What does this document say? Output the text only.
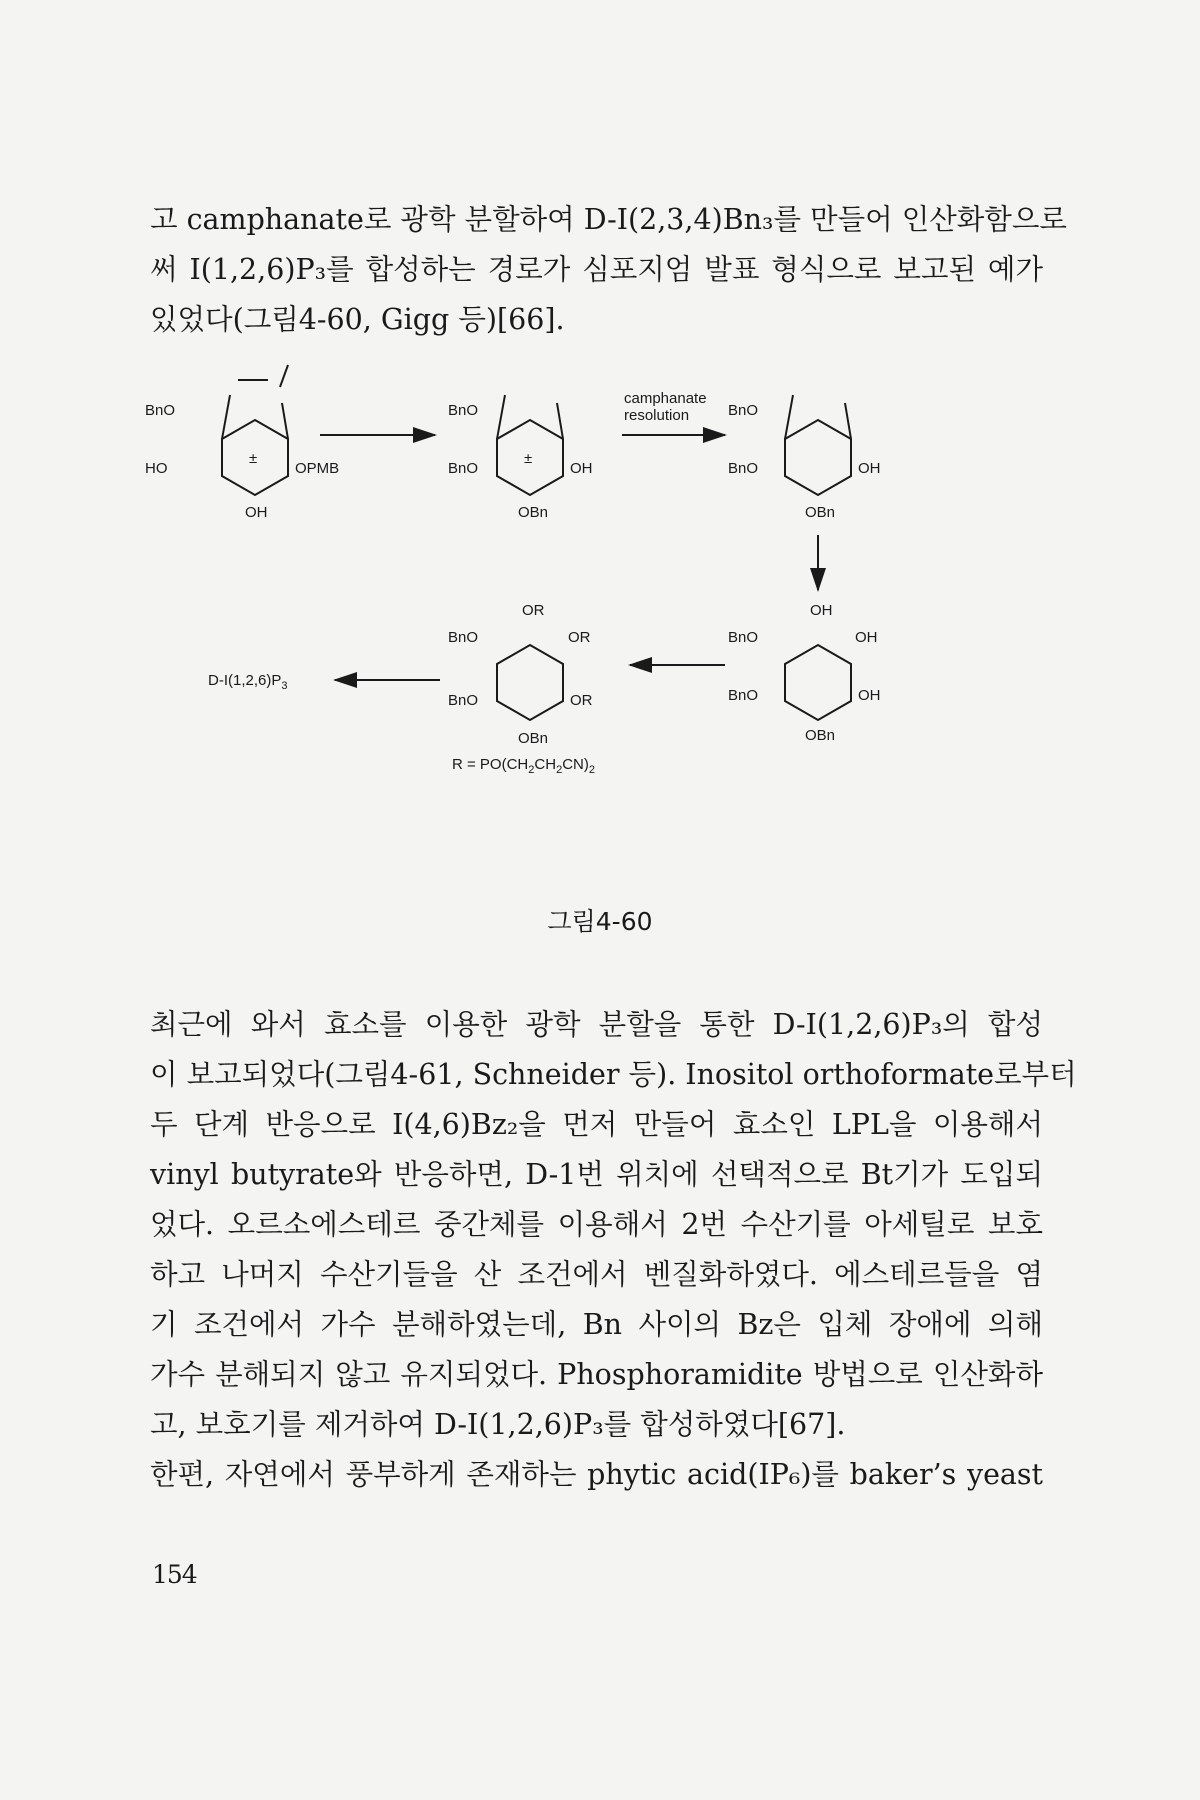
고 camphanate로 광학 분할하여 D-I(2,3,4)Bn₃를 만들어 인산화함으로
써 I(1,2,6)P₃를 합성하는 경로가 심포지엄 발표 형식으로 보고된 예가
있었다(그림4-60, Gigg 등)[66].
BnO
HO	OPMB
OH
±
BnO
BnO	OH
OBn
±
camphanate
resolution	BnO
BnO	OH
OBn
OH
BnO	OH
BnO	OH
OBn
OR
BnO	OR
BnO	OR
OBn
$R = PO(CH_2CH_2CN)_2$
$D-I(1,2,6)P_3$
그림4-60
최근에 와서 효소를 이용한 광학 분할을 통한 D-I(1,2,6)P₃의 합성
이 보고되었다(그림4-61, Schneider 등). Inositol orthoformate로부터
두 단계 반응으로 I(4,6)Bz₂을 먼저 만들어 효소인 LPL을 이용해서
vinyl butyrate와 반응하면, D-1번 위치에 선택적으로 Bt기가 도입되
었다. 오르소에스테르 중간체를 이용해서 2번 수산기를 아세틸로 보호
하고 나머지 수산기들을 산 조건에서 벤질화하였다. 에스테르들을 염
기 조건에서 가수 분해하였는데, Bn 사이의 Bz은 입체 장애에 의해
가수 분해되지 않고 유지되었다. Phosphoramidite 방법으로 인산화하
고, 보호기를 제거하여 D-I(1,2,6)P₃를 합성하였다[67].
한편, 자연에서 풍부하게 존재하는 phytic acid(IP₆)를 baker’s yeast
154
